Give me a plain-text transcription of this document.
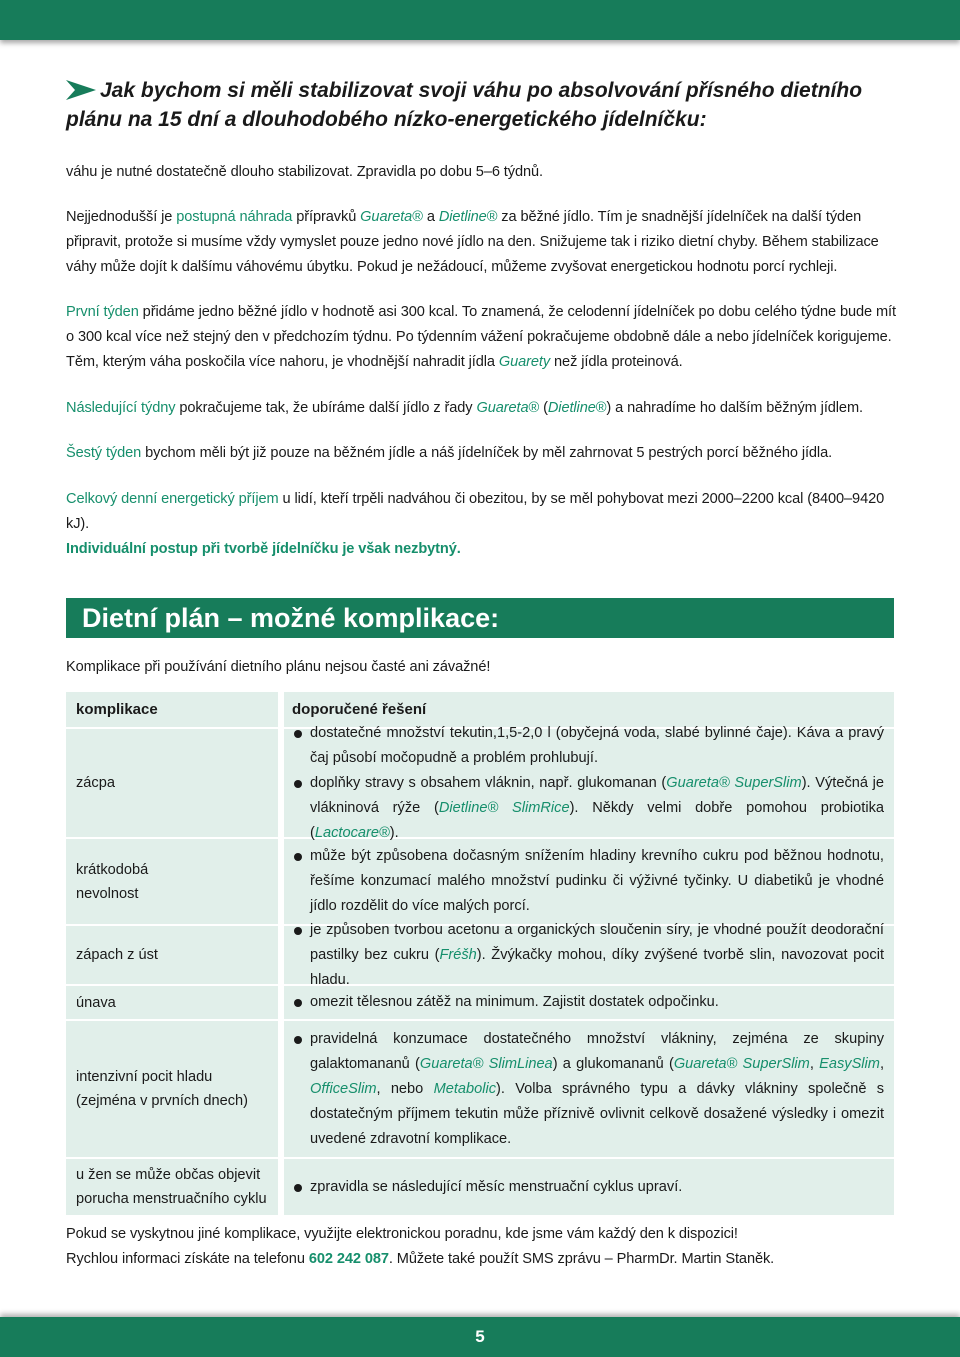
Jak bychom si měli stabilizovat svoji váhu po absolvování přísného dietního plánu na 15 dní a dlouhodobého nízko-energetického jídelníčku:

váhu je nutné dostatečně dlouho stabilizovat. Zpravidla po dobu 5–6 týdnů.

Nejjednodušší je postupná náhrada přípravků Guareta® a Dietline® za běžné jídlo. Tím je snadnější jídelníček na další týden připravit, protože si musíme vždy vymyslet pouze jedno nové jídlo na den. Snižujeme tak i riziko dietní chyby. Během stabilizace váhy může dojít k dalšímu váhovému úbytku. Pokud je nežádoucí, můžeme zvyšovat energetickou hodnotu porcí rychleji.

První týden přidáme jedno běžné jídlo v hodnotě asi 300 kcal. To znamená, že celodenní jídelníček po dobu celého týdne bude mít o 300 kcal více než stejný den v předchozím týdnu. Po týdenním vážení pokračujeme obdobně dále a nebo jídelníček korigujeme. Těm, kterým váha poskočila více nahoru, je vhodnější nahradit jídla Guarety než jídla proteinová.

Následující týdny pokračujeme tak, že ubíráme další jídlo z řady Guareta® (Dietline®) a nahradíme ho dalším běžným jídlem.

Šestý týden bychom měli být již pouze na běžném jídle a náš jídelníček by měl zahrnovat 5 pestrých porcí běžného jídla.

Celkový denní energetický příjem u lidí, kteří trpěli nadváhou či obezitou, by se měl pohybovat mezi 2000–2200 kcal (8400–9420 kJ).
Individuální postup při tvorbě jídelníčku je však nezbytný.

Dietní plán – možné komplikace:

Komplikace při používání dietního plánu nejsou časté ani závažné!

komplikace	doporučené řešení
zácpa
dostatečné množství tekutin,1,5-2,0 l (obyčejná voda, slabé bylinné čaje). Káva a pravý čaj působí močopudně a problém prohlubují.
doplňky stravy s obsahem vláknin, např. glukomanan (Guareta® SuperSlim). Výtečná je vlákninová rýže (Dietline® SlimRice). Někdy velmi dobře pomohou probiotika (Lactocare®).
krátkodobá
nevolnost
může být způsobena dočasným snížením hladiny krevního cukru pod běžnou hodnotu, řešíme konzumací malého množství pudinku či výživné tyčinky. U diabetiků je vhodné jídlo rozdělit do více malých porcí.
zápach z úst
je způsoben tvorbou acetonu a organických sloučenin síry, je vhodné použít deodorační pastilky bez cukru (Fréšh). Žvýkačky mohou, díky zvýšené tvorbě slin, navozovat pocit hladu.
únava	omezit tělesnou zátěž na minimum. Zajistit dostatek odpočinku.
intenzivní pocit hladu
(zejména v prvních dnech)
pravidelná konzumace dostatečného množství vlákniny, zejména ze skupiny galaktomananů (Guareta® SlimLinea) a glukomananů (Guareta® SuperSlim, EasySlim, OfficeSlim, nebo Metabolic). Volba správného typu a dávky vlákniny společně s dostatečným příjmem tekutin může příznivě ovlivnit celkově dosažené výsledky i omezit uvedené zdravotní komplikace.
u žen se může občas objevit
porucha menstruačního cyklu
zpravidla se následující měsíc menstruační cyklus upraví.

Pokud se vyskytnou jiné komplikace, využijte elektronickou poradnu, kde jsme vám každý den k dispozici!
Rychlou informaci získáte na telefonu 602 242 087. Můžete také použít SMS zprávu – PharmDr. Martin Staněk.

5
